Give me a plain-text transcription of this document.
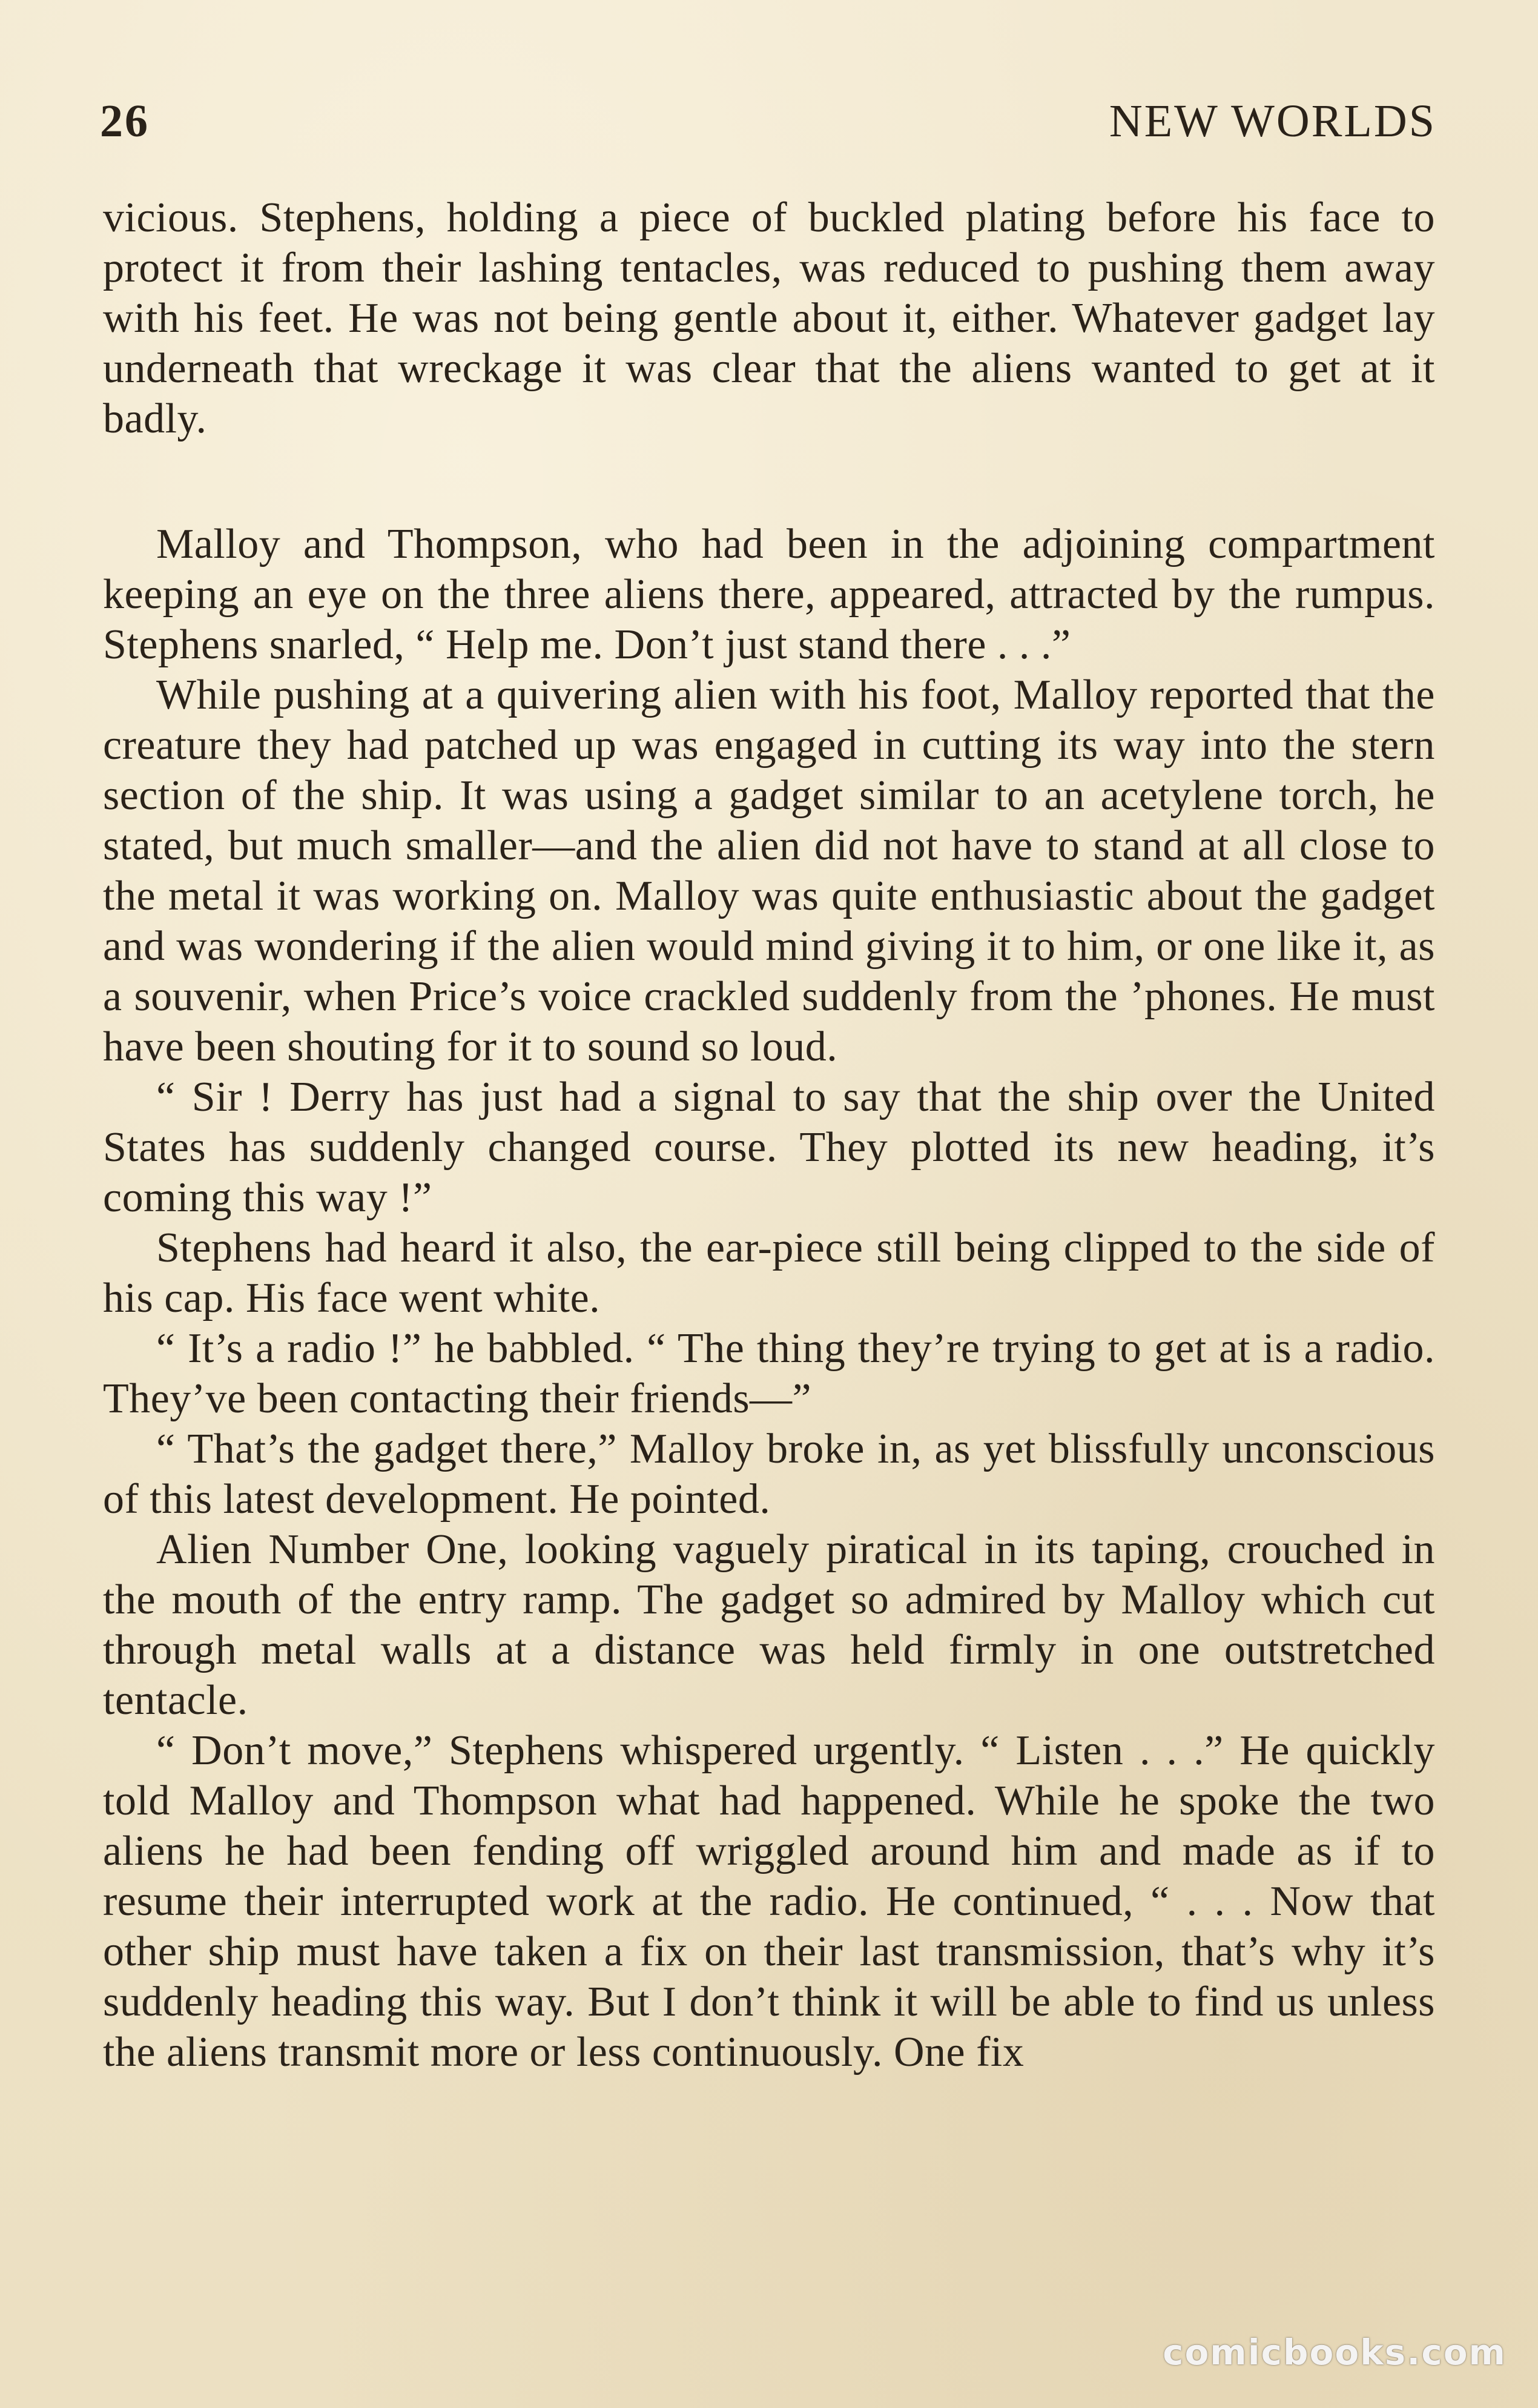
26	NEW WORLDS

vicious. Stephens, holding a piece of buckled plating before his face to protect it from their lashing tentacles, was reduced to pushing them away with his feet. He was not being gentle about it, either. Whatever gadget lay underneath that wreckage it was clear that the aliens wanted to get at it badly.

Malloy and Thompson, who had been in the adjoining compartment keeping an eye on the three aliens there, appeared, attracted by the rumpus. Stephens snarled, “ Help me. Don’t just stand there . . .”

While pushing at a quivering alien with his foot, Malloy reported that the creature they had patched up was engaged in cutting its way into the stern section of the ship. It was using a gadget similar to an acetylene torch, he stated, but much smaller—and the alien did not have to stand at all close to the metal it was working on. Malloy was quite enthusiastic about the gadget and was wondering if the alien would mind giving it to him, or one like it, as a souvenir, when Price’s voice crackled suddenly from the ’phones. He must have been shouting for it to sound so loud.

“ Sir ! Derry has just had a signal to say that the ship over the United States has suddenly changed course. They plotted its new heading, it’s coming this way !”

Stephens had heard it also, the ear-piece still being clipped to the side of his cap. His face went white.

“ It’s a radio !” he babbled. “ The thing they’re trying to get at is a radio. They’ve been contacting their friends—”

“ That’s the gadget there,” Malloy broke in, as yet blissfully unconscious of this latest development. He pointed.

Alien Number One, looking vaguely piratical in its taping, crouched in the mouth of the entry ramp. The gadget so admired by Malloy which cut through metal walls at a distance was held firmly in one outstretched tentacle.

“ Don’t move,” Stephens whispered urgently. “ Listen . . .” He quickly told Malloy and Thompson what had happened. While he spoke the two aliens he had been fending off wriggled around him and made as if to resume their interrupted work at the radio. He continued, “ . . . Now that other ship must have taken a fix on their last transmission, that’s why it’s suddenly heading this way. But I don’t think it will be able to find us unless the aliens transmit more or less continuously. One fix

comicbooks.com
